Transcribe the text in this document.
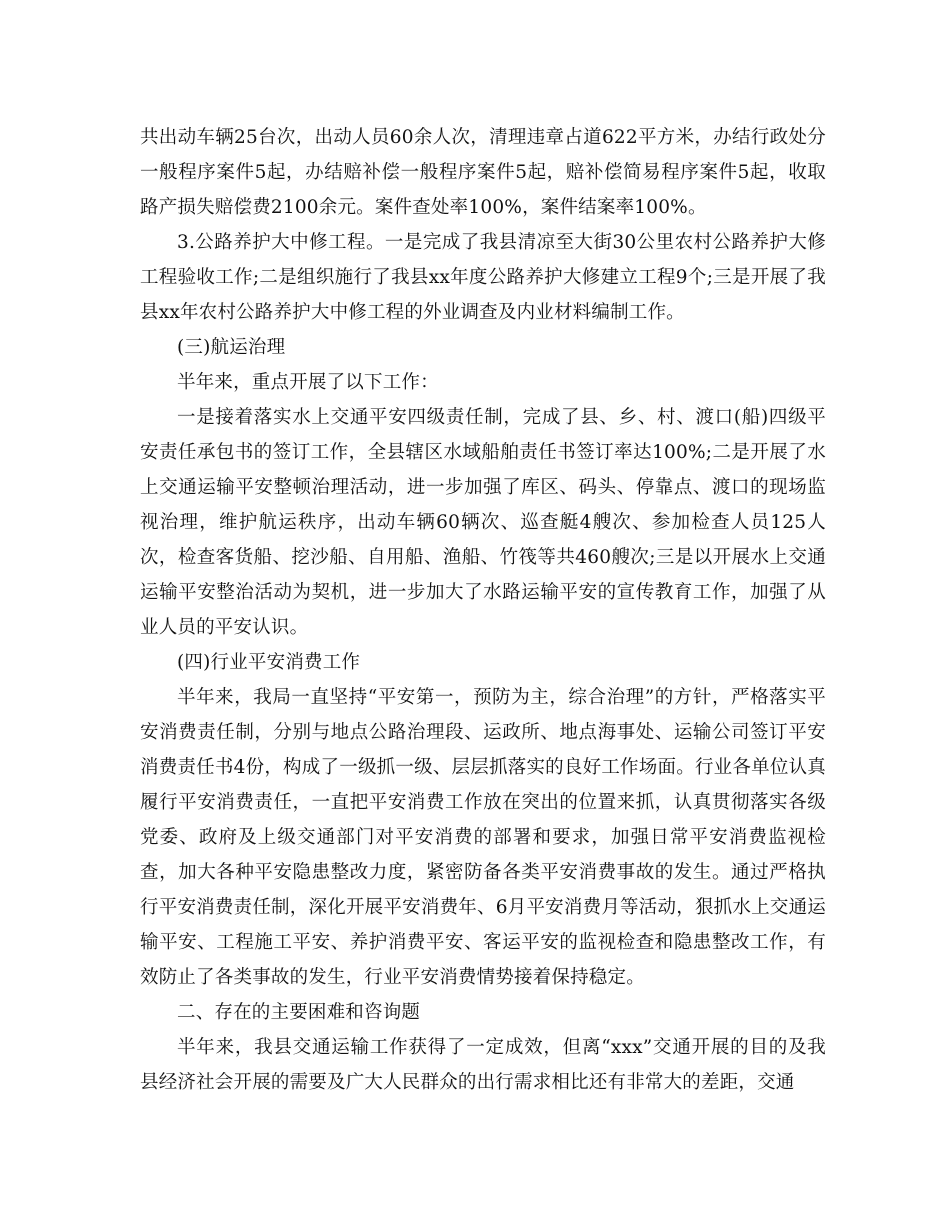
共出动车辆25台次，出动人员60余人次，清理违章占道622平方米，办结行政处分一般程序案件5起，办结赔补偿一般程序案件5起，赔补偿简易程序案件5起，收取路产损失赔偿费2100余元。案件查处率100%，案件结案率100%。

3.公路养护大中修工程。一是完成了我县清凉至大街30公里农村公路养护大修工程验收工作;二是组织施行了我县xx年度公路养护大修建立工程9个;三是开展了我县xx年农村公路养护大中修工程的外业调查及内业材料编制工作。

(三)航运治理

半年来，重点开展了以下工作：

一是接着落实水上交通平安四级责任制，完成了县、乡、村、渡口(船)四级平安责任承包书的签订工作，全县辖区水域船舶责任书签订率达100%;二是开展了水上交通运输平安整顿治理活动，进一步加强了库区、码头、停靠点、渡口的现场监视治理，维护航运秩序，出动车辆60辆次、巡查艇4艘次、参加检查人员125人次，检查客货船、挖沙船、自用船、渔船、竹筏等共460艘次;三是以开展水上交通运输平安整治活动为契机，进一步加大了水路运输平安的宣传教育工作，加强了从业人员的平安认识。

(四)行业平安消费工作

半年来，我局一直坚持“平安第一，预防为主，综合治理”的方针，严格落实平安消费责任制，分别与地点公路治理段、运政所、地点海事处、运输公司签订平安消费责任书4份，构成了一级抓一级、层层抓落实的良好工作场面。行业各单位认真履行平安消费责任，一直把平安消费工作放在突出的位置来抓，认真贯彻落实各级党委、政府及上级交通部门对平安消费的部署和要求，加强日常平安消费监视检查，加大各种平安隐患整改力度，紧密防备各类平安消费事故的发生。通过严格执行平安消费责任制，深化开展平安消费年、6月平安消费月等活动，狠抓水上交通运输平安、工程施工平安、养护消费平安、客运平安的监视检查和隐患整改工作，有效防止了各类事故的发生，行业平安消费情势接着保持稳定。

二、存在的主要困难和咨询题

半年来，我县交通运输工作获得了一定成效，但离“xxx”交通开展的目的及我县经济社会开展的需要及广大人民群众的出行需求相比还有非常大的差距，交通
